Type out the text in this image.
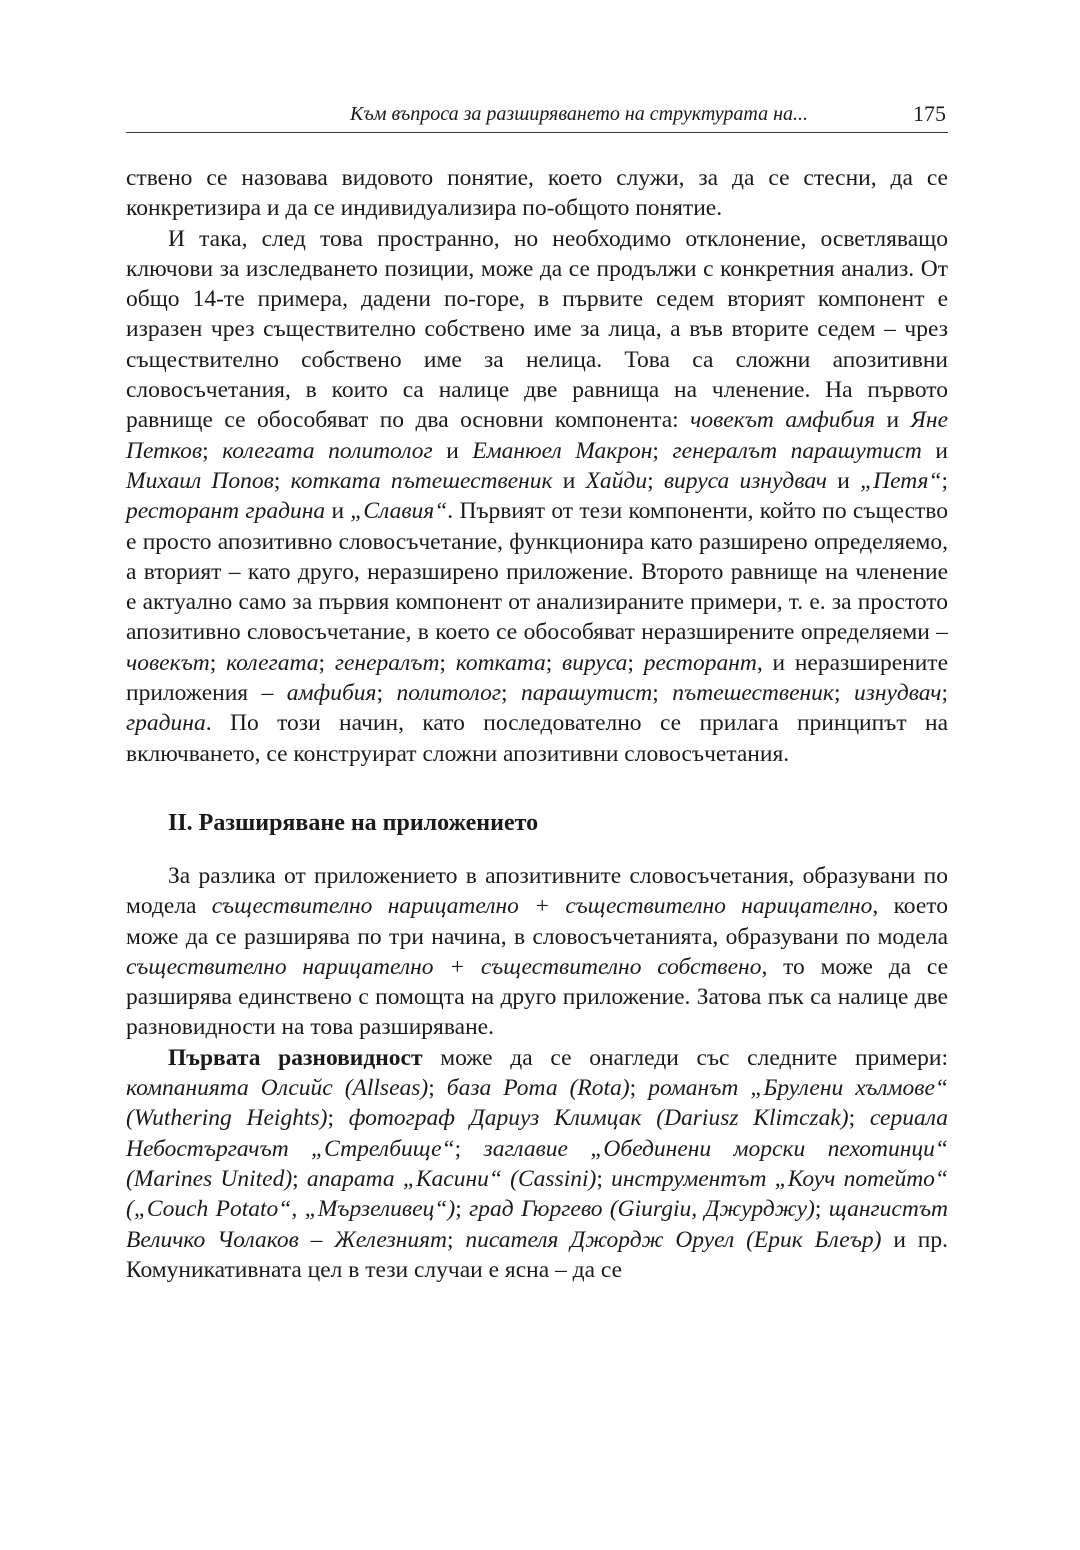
Към въпроса за разширяването на структурата на...	175

ствено се назовава видовото понятие, което служи, за да се стесни, да се конкретизира и да се индивидуализира по-общото понятие.

И така, след това пространно, но необходимо отклонение, осветляващо ключови за изследването позиции, може да се продължи с конкретния анализ. От общо 14-те примера, дадени по-горе, в първите седем вторият компонент е изразен чрез съществително собствено име за лица, а във вторите седем – чрез съществително собствено име за нелица. Това са сложни апозитивни словосъчетания, в които са налице две равнища на членение. На първото равнище се обособяват по два основни компонента: човекът амфибия и Яне Петков; колегата политолог и Еманюел Макрон; генералът парашутист и Михаил Попов; котката пътешественик и Хайди; вируса изнудвач и „Петя“; ресторант градина и „Славия“. Първият от тези компоненти, който по същество е просто апозитивно словосъчетание, функционира като разширено определяемо, а вторият – като друго, неразширено приложение. Второто равнище на членение е актуално само за първия компонент от анализираните примери, т. е. за простото апозитивно словосъчетание, в което се обособяват неразширените определяеми – човекът; колегата; генералът; котката; вируса; ресторант, и неразширените приложения – амфибия; политолог; парашутист; пътешественик; изнудвач; градина. По този начин, като последователно се прилага принципът на включването, се конструират сложни апозитивни словосъчетания.

II. Разширяване на приложението

За разлика от приложението в апозитивните словосъчетания, образувани по модела съществително нарицателно + съществително нарицателно, което може да се разширява по три начина, в словосъчетанията, образувани по модела съществително нарицателно + съществително собствено, то може да се разширява единствено с помощта на друго приложение. Затова пък са налице две разновидности на това разширяване.

Първата разновидност може да се онагледи със следните примери: компанията Олсийс (Allseas); база Рота (Rota); романът „Брулени хълмове“ (Wuthering Heights); фотограф Дариуз Климцак (Dariusz Klimczak); сериала Небостъргачът „Стрелбище“; заглавие „Обединени морски пехотинци“ (Marines United); апарата „Касини“ (Cassini); инструментът „Коуч потейто“ („Couch Potato“, „Мързеливец“); град Гюргево (Giurgiu, Джурджу); щангистът Величко Чолаков – Железният; писателя Джордж Оруел (Ерик Блеър) и пр. Комуникативната цел в тези случаи е ясна – да се
